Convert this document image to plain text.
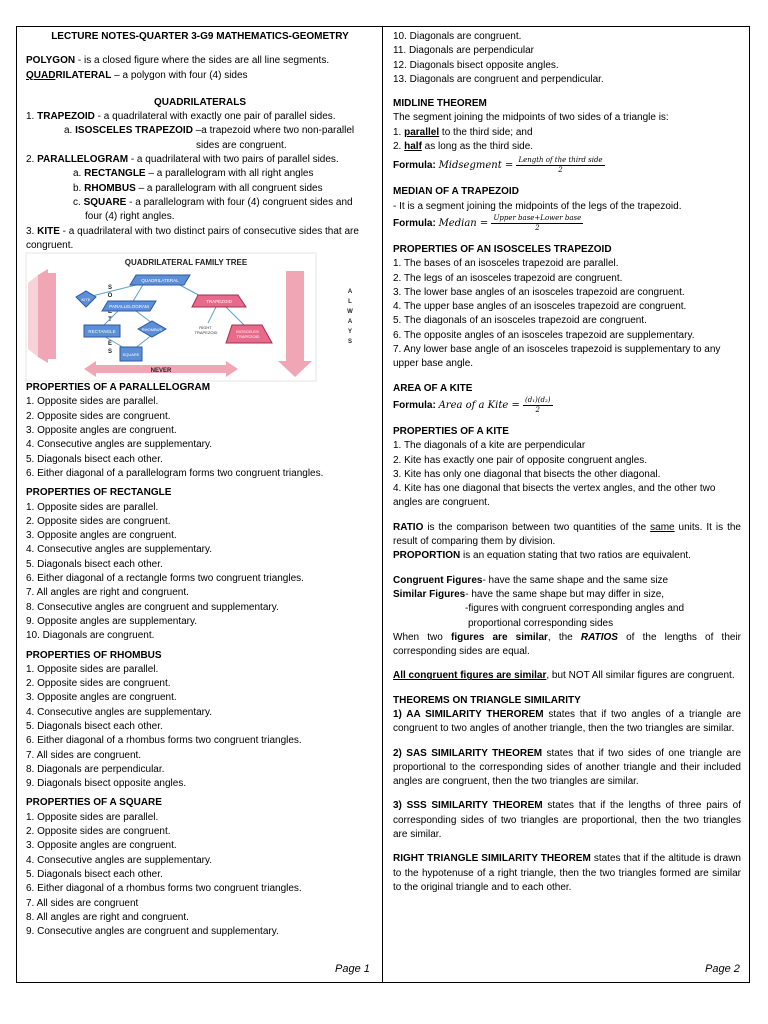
LECTURE NOTES-QUARTER 3-G9 MATHEMATICS-GEOMETRY

POLYGON - is a closed figure where the sides are all line segments.

QUADRILATERAL – a polygon with four (4) sides

QUADRILATERALS

1. TRAPEZOID - a quadrilateral with exactly one pair of parallel sides.

a. ISOSCELES TRAPEZOID –a trapezoid where two non-parallel

sides are congruent.

2. PARALLELOGRAM - a quadrilateral with two pairs of parallel sides.

a. RECTANGLE – a parallelogram with all right angles

b. RHOMBUS – a parallelogram with all congruent sides

c. SQUARE - a parallelogram with four (4) congruent sides and

four (4) right angles.

3. KITE - a quadrilateral with two distinct pairs of consecutive sides that are congruent.

QUADRILATERAL FAMILY TREE
SOMETIMES
ALWAYS
NEVER
QUADRILATERAL
KITE
PARALLELOGRAM
TRAPEZOID
RECTANGLE	RHOMBUS	RIGHT TRAPEZOID	ISOSCELES TRAPEZOID
SQUARE

PROPERTIES OF A PARALLELOGRAM

1. Opposite sides are parallel.

2. Opposite sides are congruent.

3. Opposite angles are congruent.

4. Consecutive angles are supplementary.

5. Diagonals bisect each other.

6. Either diagonal of a parallelogram forms two congruent triangles.

PROPERTIES OF RECTANGLE

1. Opposite sides are parallel.

2. Opposite sides are congruent.

3. Opposite angles are congruent.

4. Consecutive angles are supplementary.

5. Diagonals bisect each other.

6. Either diagonal of a rectangle forms two congruent triangles.

7. All angles are right and congruent.

8. Consecutive angles are congruent and supplementary.

9. Opposite angles are supplementary.

10. Diagonals are congruent.

PROPERTIES OF RHOMBUS

1. Opposite sides are parallel.

2. Opposite sides are congruent.

3. Opposite angles are congruent.

4. Consecutive angles are supplementary.

5. Diagonals bisect each other.

6. Either diagonal of a rhombus forms two congruent triangles.

7. All sides are congruent.

8. Diagonals are perpendicular.

9. Diagonals bisect opposite angles.

PROPERTIES OF A SQUARE

1. Opposite sides are parallel.

2. Opposite sides are congruent.

3. Opposite angles are congruent.

4. Consecutive angles are supplementary.

5. Diagonals bisect each other.

6. Either diagonal of a rhombus forms two congruent triangles.

7. All sides are congruent

8. All angles are right and congruent.

9. Consecutive angles are congruent and supplementary.

Page 1

10. Diagonals are congruent.

11. Diagonals are perpendicular

12. Diagonals bisect opposite angles.

13. Diagonals are congruent and perpendicular.

MIDLINE THEOREM

The segment joining the midpoints of two sides of a triangle is:

1. parallel to the third side; and

2. half as long as the third side.

Formula: Midsegment = $\frac{\text{Length of the third side}}{2}$

MEDIAN OF A TRAPEZOID

- It is a segment joining the midpoints of the legs of the trapezoid.

Formula: Median = $\frac{\text{Upper base+Lower base}}{2}$

PROPERTIES OF AN ISOSCELES TRAPEZOID

1. The bases of an isosceles trapezoid are parallel.

2. The legs of an isosceles trapezoid are congruent.

3. The lower base angles of an isosceles trapezoid are congruent.

4. The upper base angles of an isosceles trapezoid are congruent.

5. The diagonals of an isosceles trapezoid are congruent.

6. The opposite angles of an isosceles trapezoid are supplementary.

7. Any lower base angle of an isosceles trapezoid is supplementary to any upper base angle.

AREA OF A KITE

Formula: Area of a Kite = $\frac{\text{(d₁)(d₂)}}{2}$

PROPERTIES OF A KITE

1. The diagonals of a kite are perpendicular

2. Kite has exactly one pair of opposite congruent angles.

3. Kite has only one diagonal that bisects the other diagonal.

4. Kite has one diagonal that bisects the vertex angles, and the other two angles are congruent.

RATIO is the comparison between two quantities of the same units. It is the result of comparing them by division.

PROPORTION is an equation stating that two ratios are equivalent.

Congruent Figures- have the same shape and the same size

Similar Figures- have the same shape but may differ in size,

-figures with congruent corresponding angles and

proportional corresponding sides

When two figures are similar, the RATIOS of the lengths of their corresponding sides are equal.

All congruent figures are similar, but NOT All similar figures are congruent.

THEOREMS ON TRIANGLE SIMILARITY

1) AA SIMILARITY THEROREM states that if two angles of a triangle are congruent to two angles of another triangle, then the two triangles are similar.

2) SAS SIMILARITY THEOREM states that if two sides of one triangle are proportional to the corresponding sides of another triangle and their included angles are congruent, then the two triangles are similar.

3) SSS SIMILARITY THEOREM states that if the lengths of three pairs of corresponding sides of two triangles are proportional, then the two triangles are similar.

RIGHT TRIANGLE SIMILARITY THEOREM states that if the altitude is drawn to the hypotenuse of a right triangle, then the two triangles formed are similar to the original triangle and to each other.

Page 2
